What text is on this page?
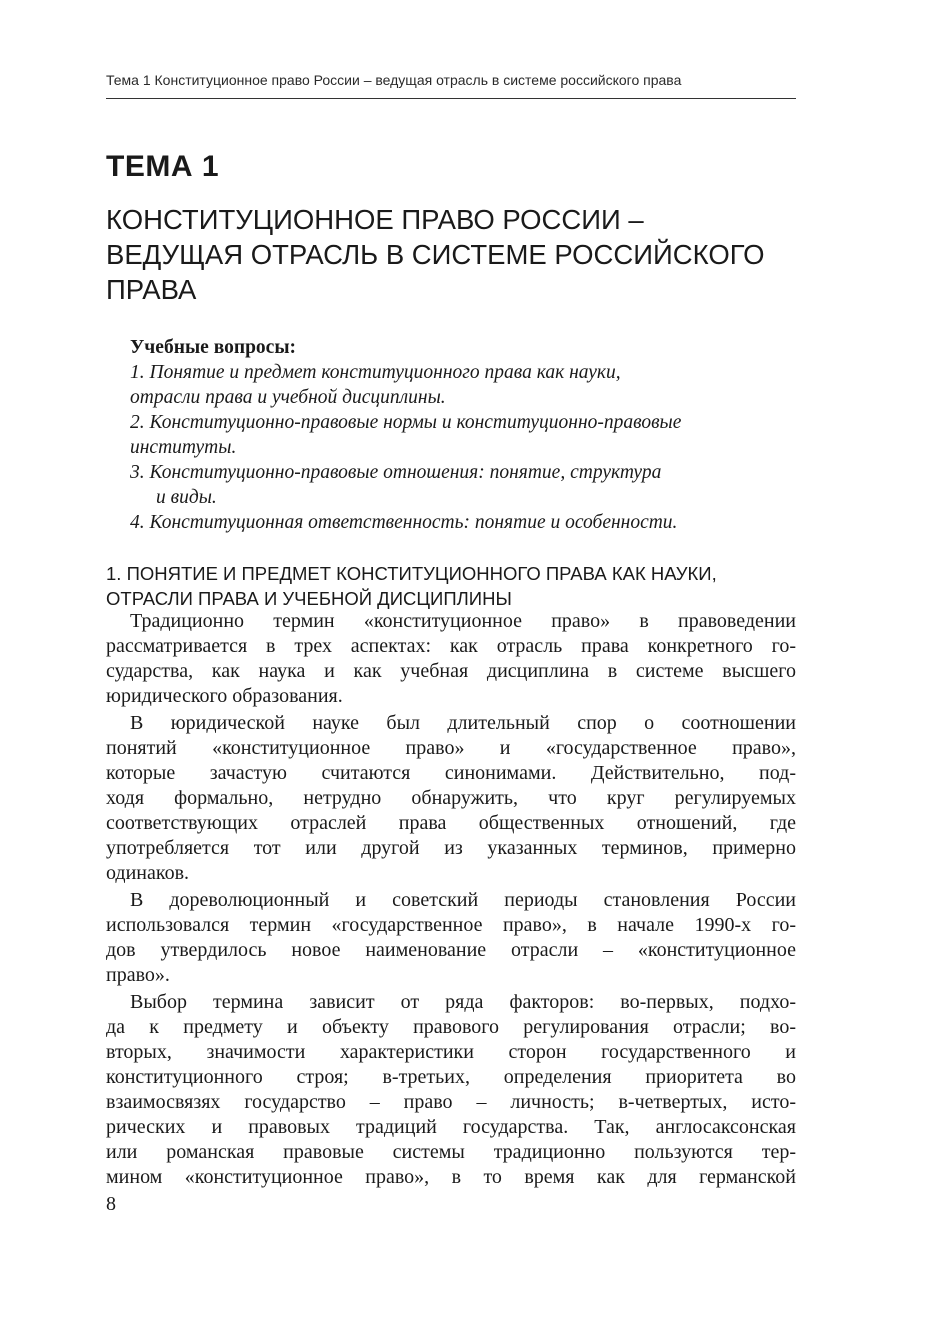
Тема 1 Конституционное право России – ведущая отрасль в системе российского права
ТЕМА 1
КОНСТИТУЦИОННОЕ ПРАВО РОССИИ –
ВЕДУЩАЯ ОТРАСЛЬ В СИСТЕМЕ РОССИЙСКОГО
ПРАВА
Учебные вопросы:
1. Понятие и предмет конституционного права как науки,
отрасли права и учебной дисциплины.
2. Конституционно-правовые нормы и конституционно-правовые
институты.
3. Конституционно-правовые отношения: понятие, структура
и виды.
4. Конституционная ответственность: понятие и особенности.
1. ПОНЯТИЕ И ПРЕДМЕТ КОНСТИТУЦИОННОГО ПРАВА КАК НАУКИ,
ОТРАСЛИ ПРАВА И УЧЕБНОЙ ДИСЦИПЛИНЫ
Традиционно термин «конституционное право» в правоведении
рассматривается в трех аспектах: как отрасль права конкретного го-
сударства, как наука и как учебная дисциплина в системе высшего
юридического образования.
В юридической науке был длительный спор о соотношении
понятий «конституционное право» и «государственное право»,
которые зачастую считаются синонимами. Действительно, под-
ходя формально, нетрудно обнаружить, что круг регулируемых
соответствующих отраслей права общественных отношений, где
употребляется тот или другой из указанных терминов, примерно
одинаков.
В дореволюционный и советский периоды становления России
использовался термин «государственное право», в начале 1990-х го-
дов утвердилось новое наименование отрасли – «конституционное
право».
Выбор термина зависит от ряда факторов: во-первых, подхо-
да к предмету и объекту правового регулирования отрасли; во-
вторых, значимости характеристики сторон государственного и
конституционного строя; в-третьих, определения приоритета во
взаимосвязях государство – право – личность; в-четвертых, исто-
рических и правовых традиций государства. Так, англосаксонская
или романская правовые системы традиционно пользуются тер-
мином «конституционное право», в то время как для германской
8
